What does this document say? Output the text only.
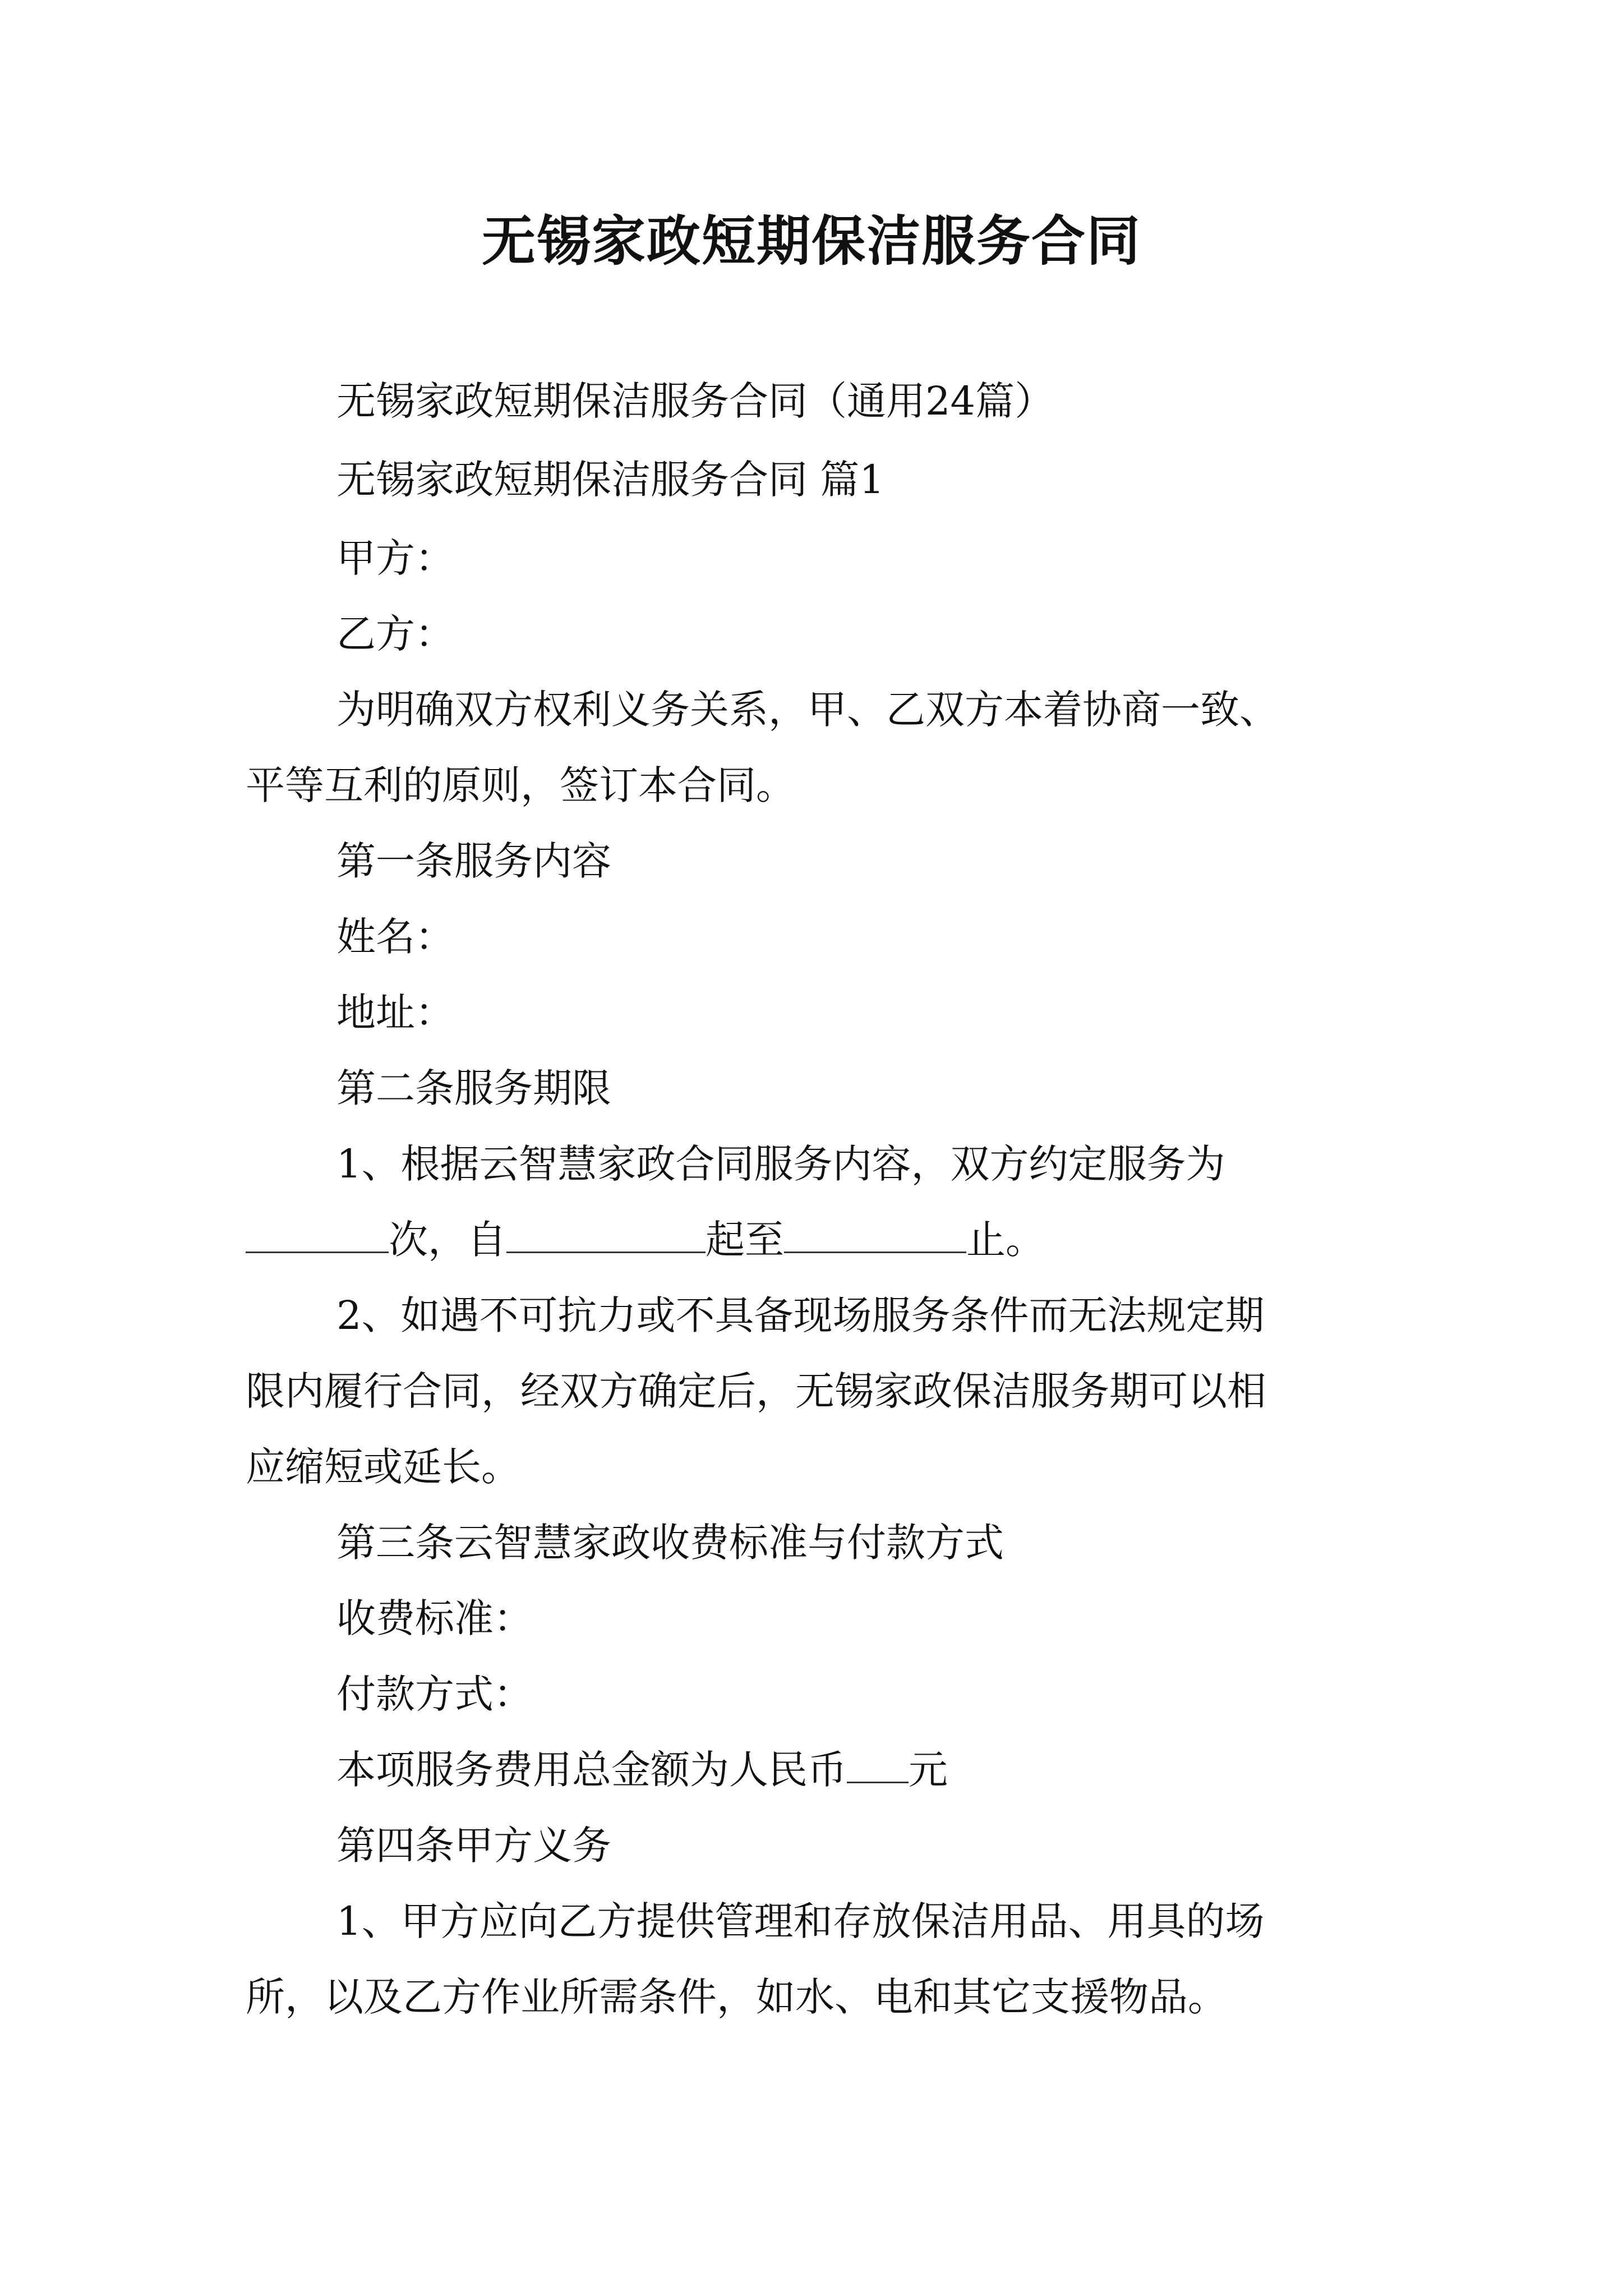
无锡家政短期保洁服务合同

无锡家政短期保洁服务合同（通用24篇）

无锡家政短期保洁服务合同 篇1

甲方：

乙方：

为明确双方权利义务关系，甲、乙双方本着协商一致、

平等互利的原则，签订本合同。

第一条服务内容

姓名：

地址：

第二条服务期限

1、根据云智慧家政合同服务内容，双方约定服务为

次，自	起至	止。

2、如遇不可抗力或不具备现场服务条件而无法规定期

限内履行合同，经双方确定后，无锡家政保洁服务期可以相

应缩短或延长。

第三条云智慧家政收费标准与付款方式

收费标准：

付款方式：

本项服务费用总金额为人民币 元

第四条甲方义务

1、甲方应向乙方提供管理和存放保洁用品、用具的场

所，以及乙方作业所需条件，如水、电和其它支援物品。
